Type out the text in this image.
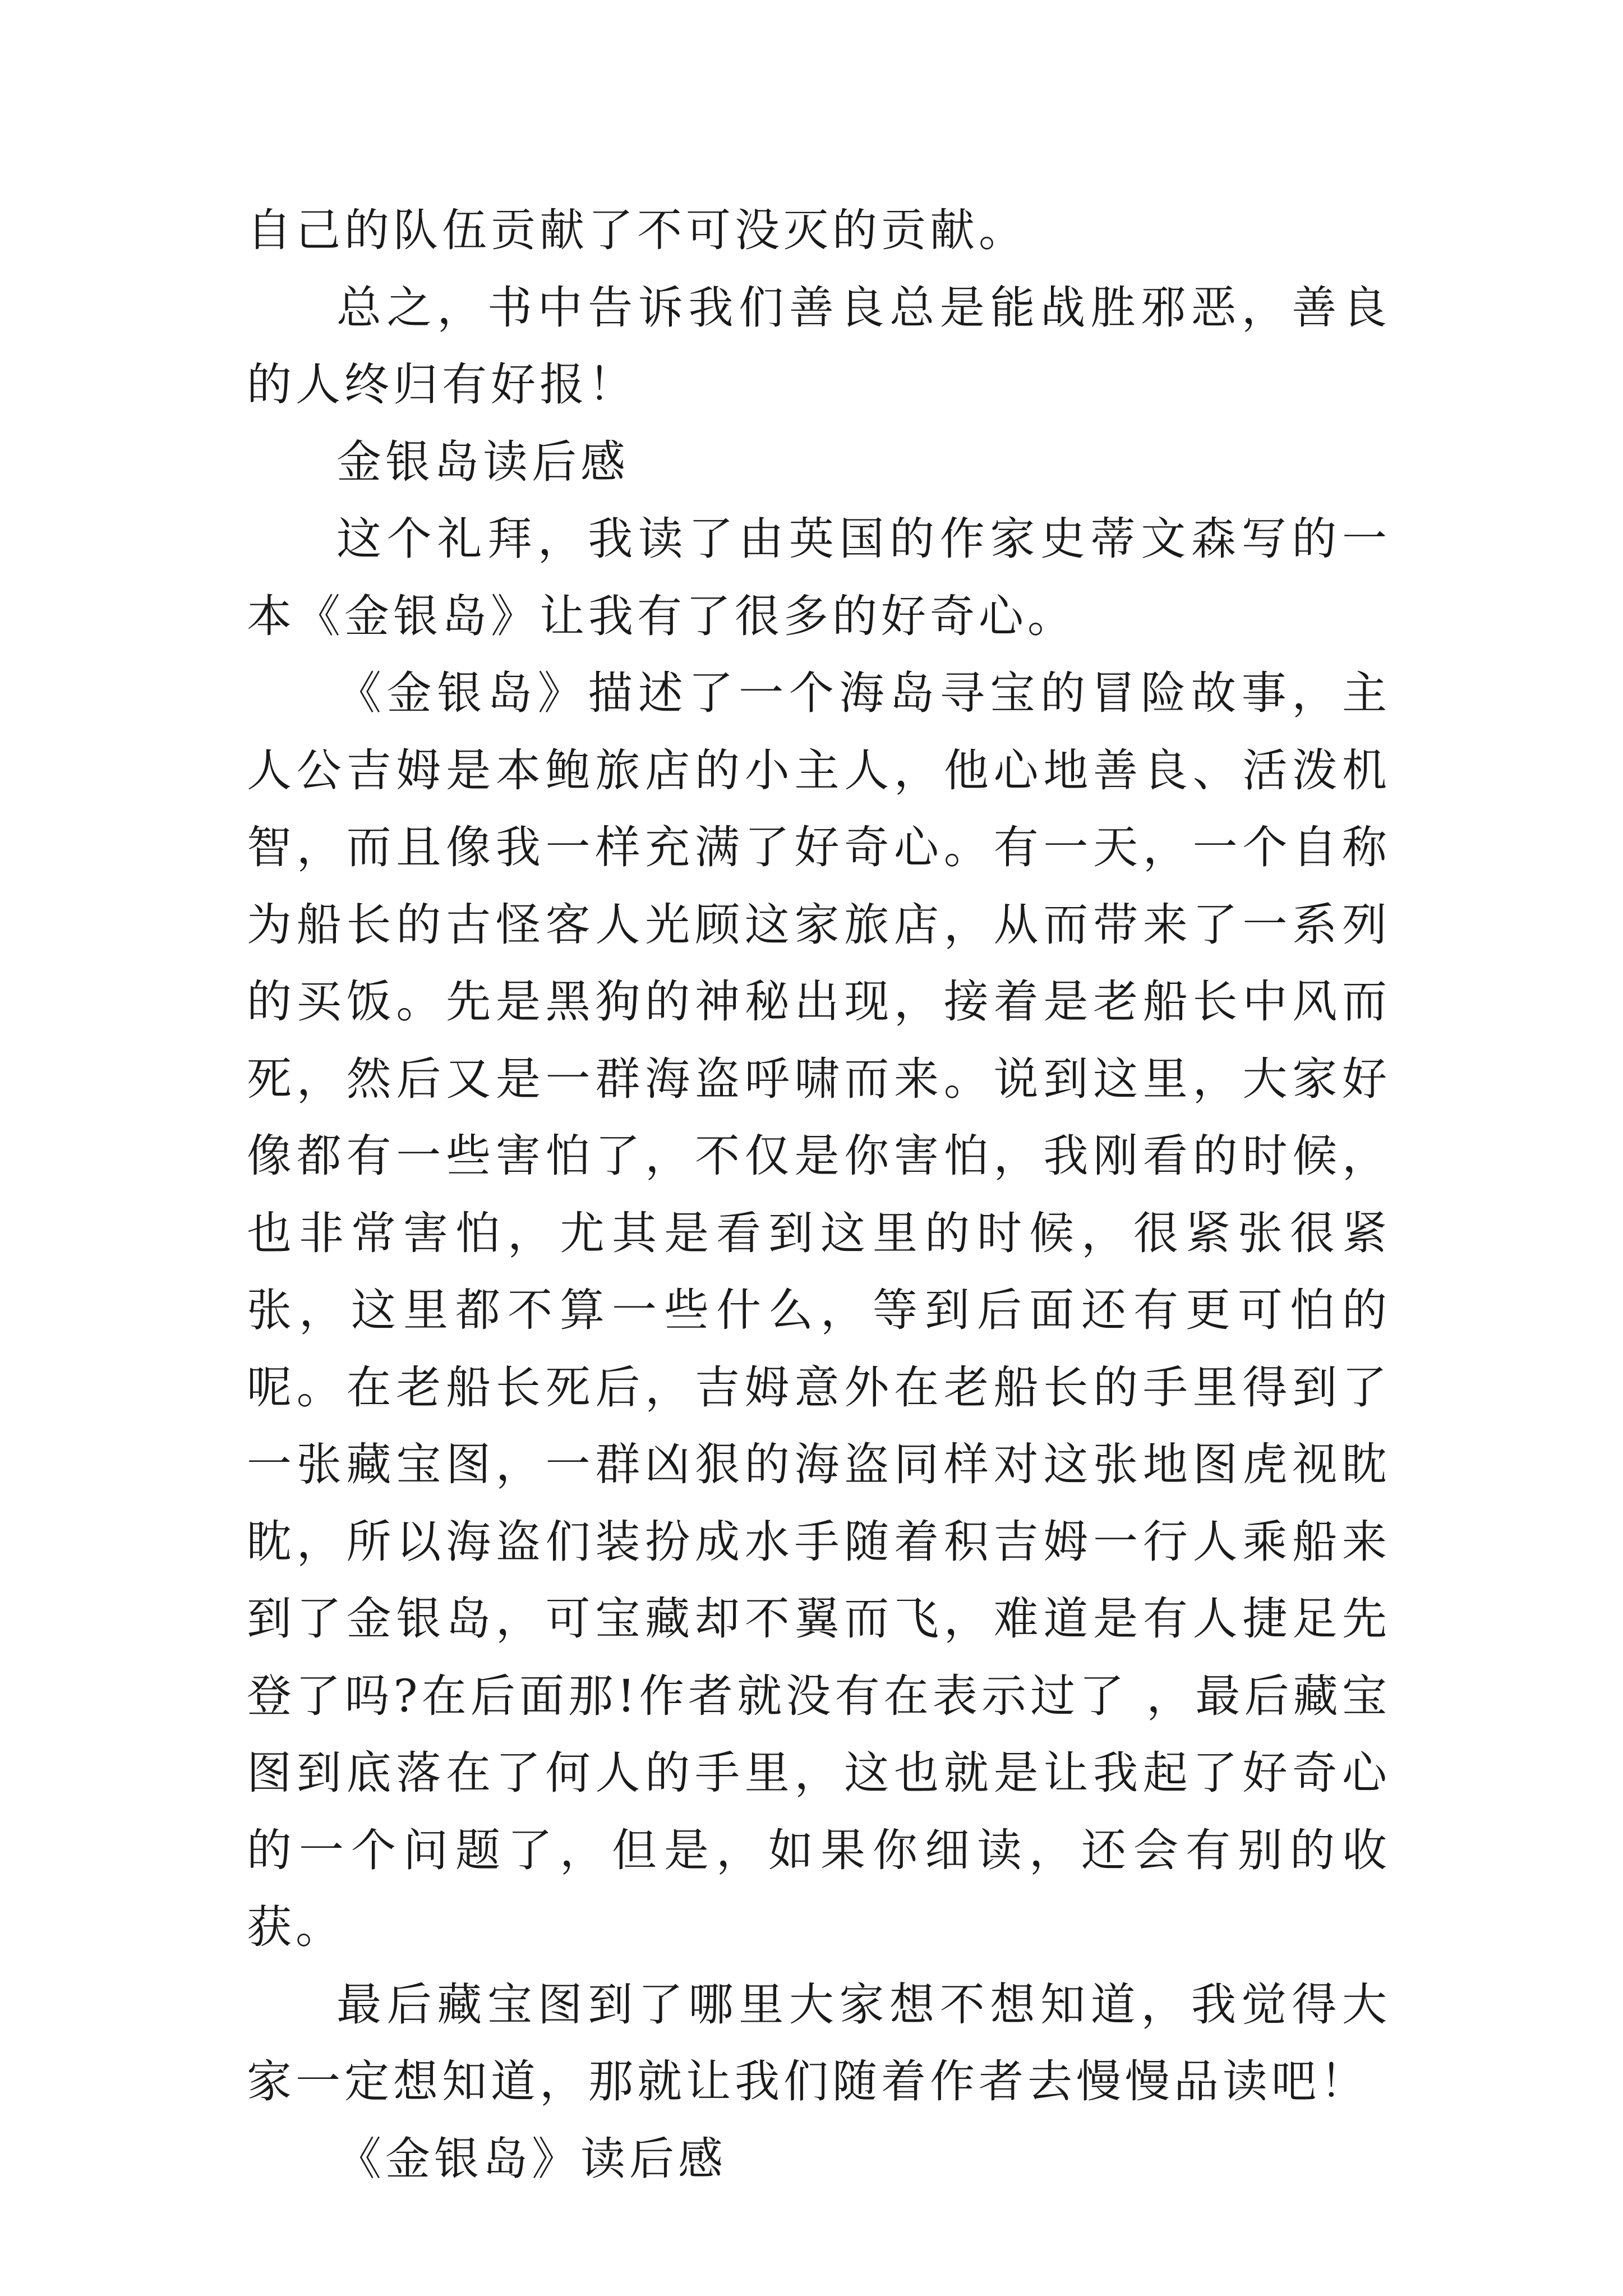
自己的队伍贡献了不可没灭的贡献。

总之，书中告诉我们善良总是能战胜邪恶，善良的人终归有好报！

金银岛读后感

这个礼拜，我读了由英国的作家史蒂文森写的一本《金银岛》让我有了很多的好奇心。

《金银岛》描述了一个海岛寻宝的冒险故事，主人公吉姆是本鲍旅店的小主人，他心地善良、活泼机智，而且像我一样充满了好奇心。有一天，一个自称为船长的古怪客人光顾这家旅店，从而带来了一系列的买饭。先是黑狗的神秘出现，接着是老船长中风而死，然后又是一群海盗呼啸而来。说到这里，大家好像都有一些害怕了，不仅是你害怕，我刚看的时候，也非常害怕，尤其是看到这里的时候，很紧张很紧张，这里都不算一些什么，等到后面还有更可怕的呢。在老船长死后，吉姆意外在老船长的手里得到了一张藏宝图，一群凶狠的海盗同样对这张地图虎视眈眈，所以海盗们装扮成水手随着积吉姆一行人乘船来到了金银岛，可宝藏却不翼而飞，难道是有人捷足先登了吗?在后面那!作者就没有在表示过了 ，最后藏宝图到底落在了何人的手里，这也就是让我起了好奇心的一个问题了，但是，如果你细读，还会有别的收获。

最后藏宝图到了哪里大家想不想知道，我觉得大家一定想知道，那就让我们随着作者去慢慢品读吧！

《金银岛》读后感
